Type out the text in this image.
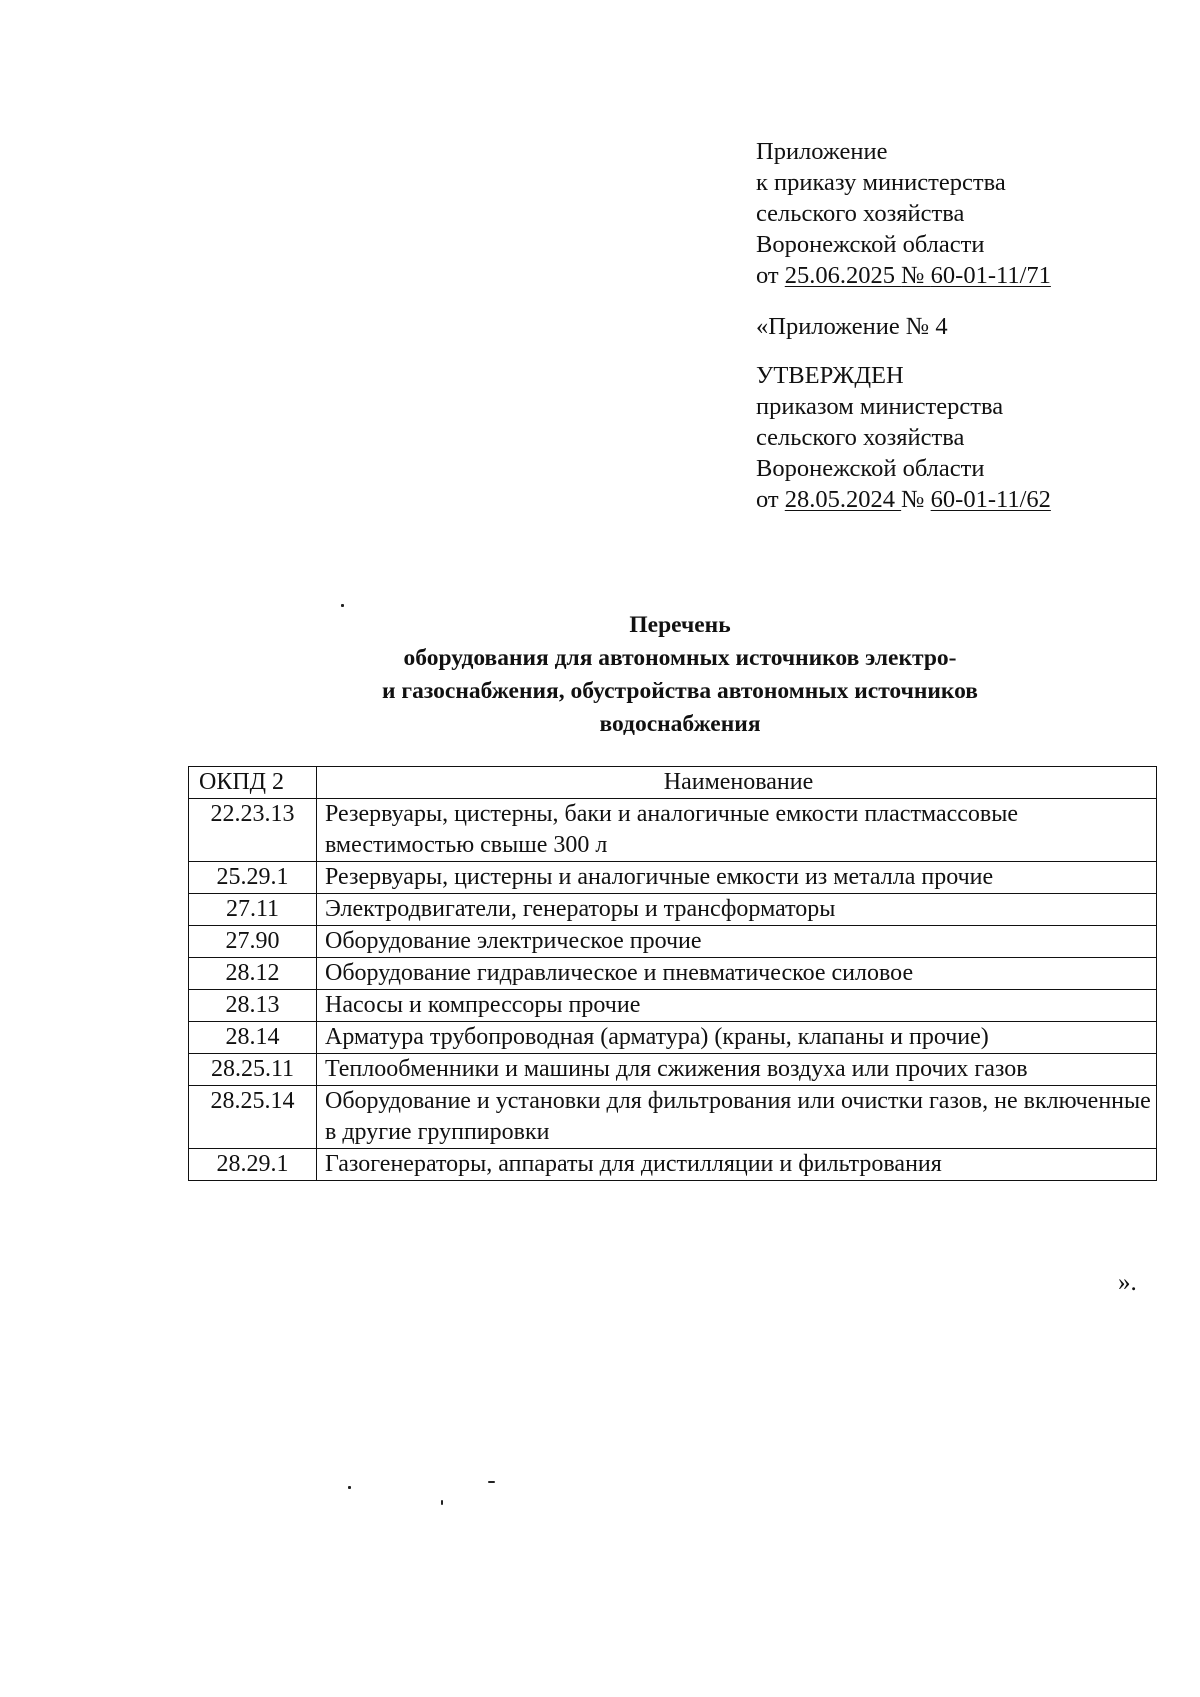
Приложение
к приказу министерства
сельского хозяйства
Воронежской области
от 25.06.2025 № 60-01-11/71
«Приложение № 4
УТВЕРЖДЕН
приказом министерства
сельского хозяйства
Воронежской области
от 28.05.2024 № 60-01-11/62
Перечень
оборудования для автономных источников электро-
и газоснабжения, обустройства автономных источников
водоснабжения
ОКПД 2	Наименование
22.23.13	Резервуары, цистерны, баки и аналогичные емкости пластмассовые вместимостью свыше 300 л
25.29.1	Резервуары, цистерны и аналогичные емкости из металла прочие
27.11	Электродвигатели, генераторы и трансформаторы
27.90	Оборудование электрическое прочие
28.12	Оборудование гидравлическое и пневматическое силовое
28.13	Насосы и компрессоры прочие
28.14	Арматура трубопроводная (арматура) (краны, клапаны и прочие)
28.25.11	Теплообменники и машины для сжижения воздуха или прочих газов
28.25.14	Оборудование и установки для фильтрования или очистки газов, не включенные в другие группировки
28.29.1	Газогенераторы, аппараты для дистилляции и фильтрования
».
